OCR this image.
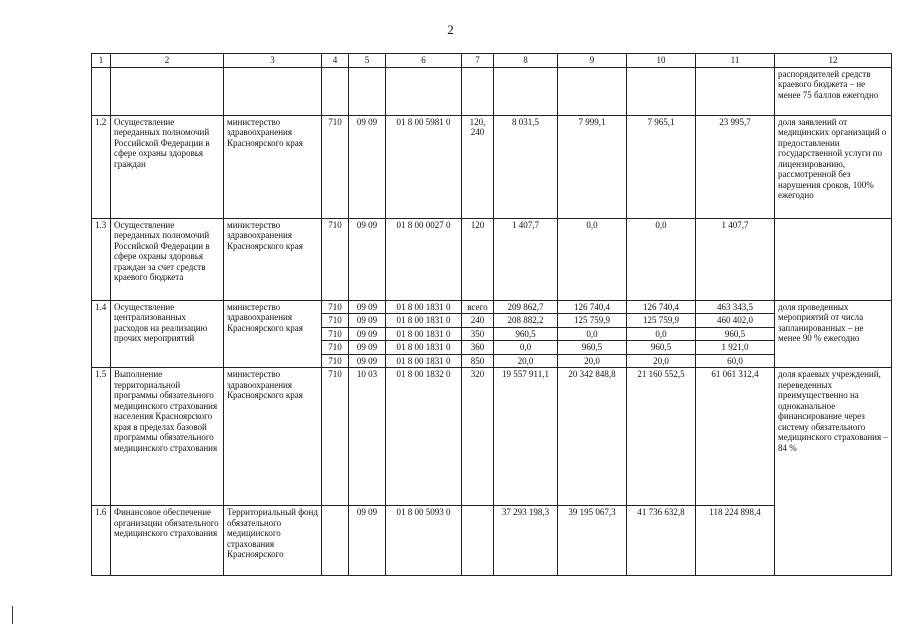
2
1	2	3	4	5	6	7	8	9	10	11	12
											распорядителей средств краевого бюджета – не менее 75 баллов ежегодно
1.2	Осуществление переданных полномочий Российской Федерации в сфере охраны здоровья граждан	министерство здравоохранения Красноярского края	710	09 09	01 8 00 5981 0	120, 240	8 031,5	7 999,1	7 965,1	23 995,7	доля заявлений от медицинских организаций о предоставлении государственной услуги по лицензированию, рассмотренной без нарушения сроков, 100% ежегодно
1.3	Осуществление переданных полномочий Российской Федерации в сфере охраны здоровья граждан за счет средств краевого бюджета	министерство здравоохранения Красноярского края	710	09 09	01 8 00 0027 0	120	1 407,7	0,0	0,0	1 407,7	
1.4	Осуществление централизованных расходов на реализацию прочих мероприятий	министерство здравоохранения Красноярского края	710	09 09	01 8 00 1831 0	всего	209 862,7	126 740,4	126 740,4	463 343,5	доля проведенных мероприятий от числа запланированных – не менее 90 % ежегодно
			710	09 09	01 8 00 1831 0	240	208 882,2	125 759,9	125 759,9	460 402,0	
			710	09 09	01 8 00 1831 0	350	960,5	0,0	0,0	960,5	
			710	09 09	01 8 00 1831 0	360	0,0	960,5	960,5	1 921,0	
			710	09 09	01 8 00 1831 0	850	20,0	20,0	20,0	60,0	
1.5	Выполнение территориальной программы обязательного медицинского страхования населения Красноярского края в пределах базовой программы обязательного медицинского страхования	министерство здравоохранения Красноярского края	710	10 03	01 8 00 1832 0	320	19 557 911,1	20 342 848,8	21 160 552,5	61 061 312,4	доля краевых учреждений, переведенных преимущественно на одноканальное финансирование через систему обязательного медицинского страхования – 84 %
1.6	Финансовое обеспечение организации обязательного медицинского страхования	Территориальный фонд обязательного медицинского страхования Красноярского		09 09	01 8 00 5093 0		37 293 198,3	39 195 067,3	41 736 632,8	118 224 898,4	
